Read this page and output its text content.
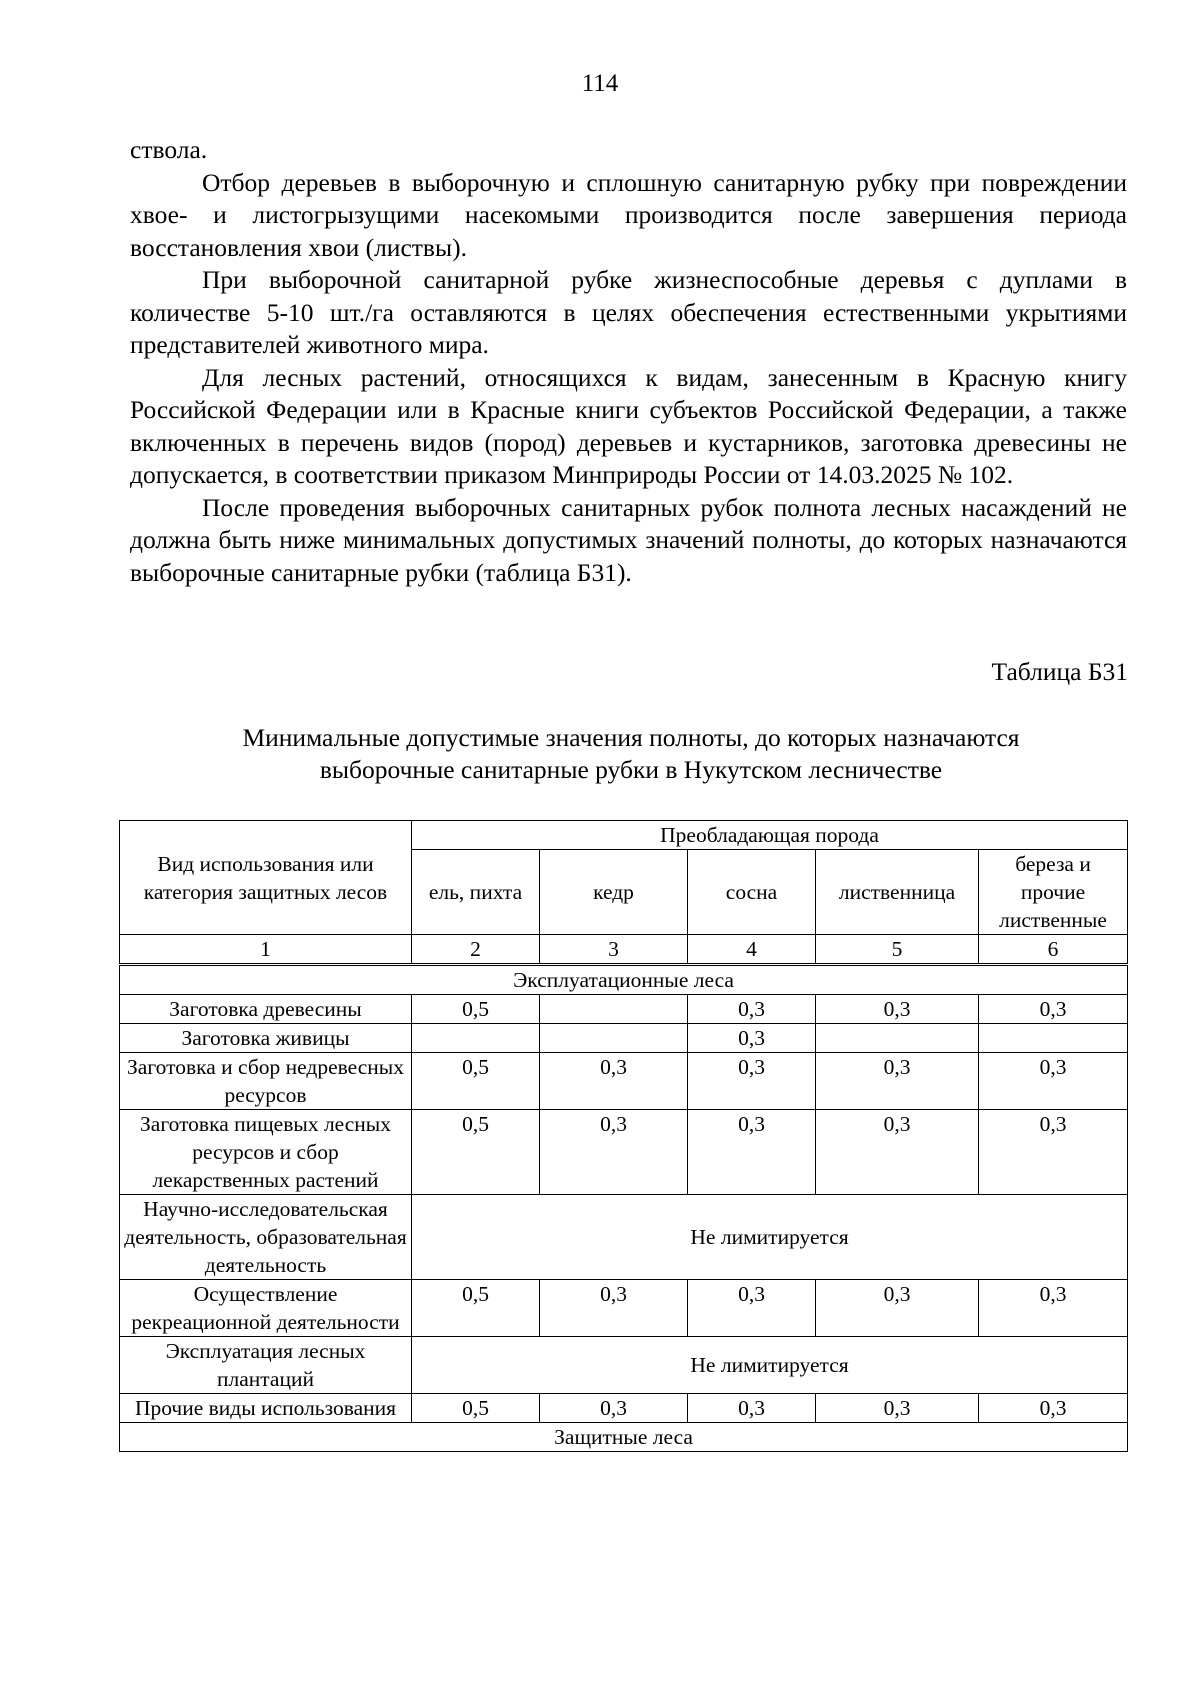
114

ствола.

Отбор деревьев в выборочную и сплошную санитарную рубку при повреждении хвое- и листогрызущими насекомыми производится после завершения периода восстановления хвои (листвы).

При выборочной санитарной рубке жизнеспособные деревья с дуплами в количестве 5-10 шт./га оставляются в целях обеспечения естественными укрытиями представителей животного мира.

Для лесных растений, относящихся к видам, занесенным в Красную книгу Российской Федерации или в Красные книги субъектов Российской Федерации, а также включенных в перечень видов (пород) деревьев и кустарников, заготовка древесины не допускается, в соответствии приказом Минприроды России от 14.03.2025 № 102.

После проведения выборочных санитарных рубок полнота лесных насаждений не должна быть ниже минимальных допустимых значений полноты, до которых назначаются выборочные санитарные рубки (таблица Б31).

Таблица Б31
Минимальные допустимые значения полноты, до которых назначаются
выборочные санитарные рубки в Нукутском лесничестве
Вид использования или категория защитных лесов	Преобладающая порода				
	ель, пихта	кедр	сосна	лиственница	береза и прочие лиственные
1	2	3	4	5	6
Эксплуатационные леса					
Заготовка древесины	0,5		0,3	0,3	0,3
Заготовка живицы			0,3		
Заготовка и сбор недревесных ресурсов	0,5	0,3	0,3	0,3	0,3
Заготовка пищевых лесных ресурсов и сбор лекарственных растений	0,5	0,3	0,3	0,3	0,3
Научно-исследовательская деятельность, образовательная деятельность	Не лимитируется				
Осуществление рекреационной деятельности	0,5	0,3	0,3	0,3	0,3
Эксплуатация лесных плантаций	Не лимитируется				
Прочие виды использования	0,5	0,3	0,3	0,3	0,3
Защитные леса					
